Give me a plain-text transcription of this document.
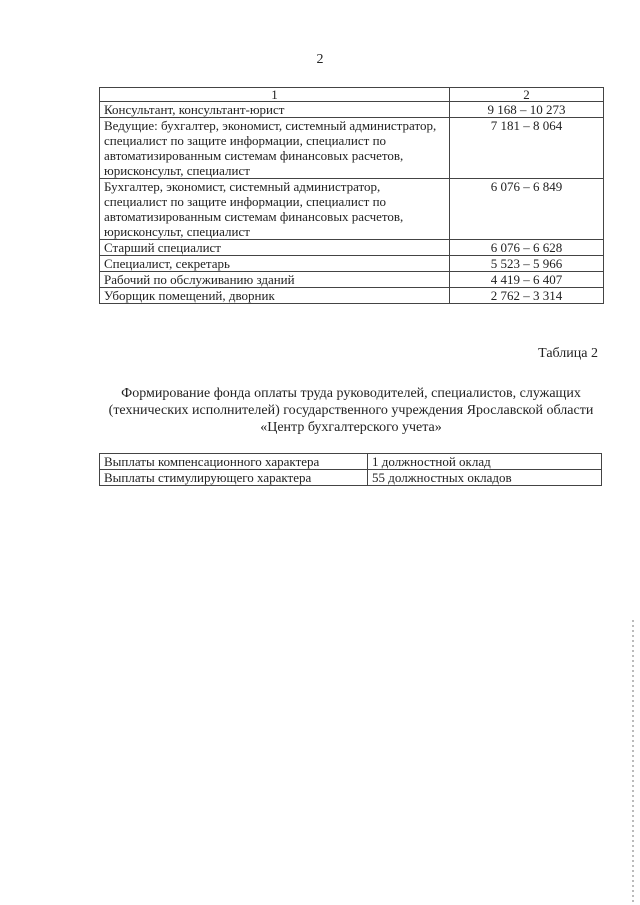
2
1	2
Консультант, консультант-юрист	9 168 – 10 273
Ведущие: бухгалтер, экономист, системный администратор, специалист по защите информации, специалист по автоматизированным системам финансовых расчетов, юрисконсульт, специалист	7 181 – 8 064
Бухгалтер, экономист, системный администратор, специалист по защите информации, специалист по автоматизированным системам финансовых расчетов, юрисконсульт, специалист	6 076 – 6 849
Старший специалист	6 076 – 6 628
Специалист, секретарь	5 523 – 5 966
Рабочий по обслуживанию зданий	4 419 – 6 407
Уборщик помещений, дворник	2 762 – 3 314
Таблица 2
Формирование фонда оплаты труда руководителей, специалистов, служащих (технических исполнителей) государственного учреждения Ярославской области «Центр бухгалтерского учета»
Выплаты компенсационного характера	1 должностной оклад
Выплаты стимулирующего характера	55 должностных окладов
